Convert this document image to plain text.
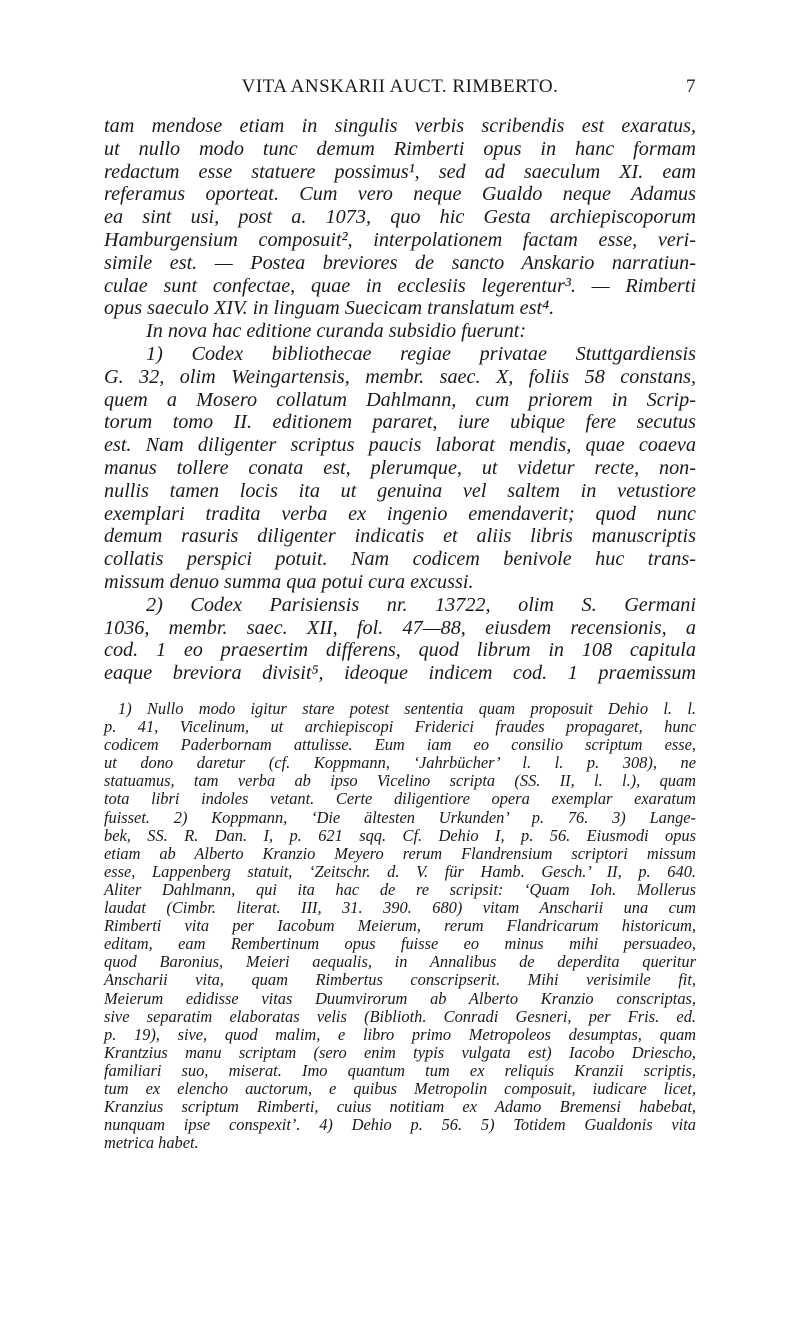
VITA ANSKARII AUCT. RIMBERTO.	7
tam mendose etiam in singulis verbis scribendis est exaratus,
ut nullo modo tunc demum Rimberti opus in hanc formam
redactum esse statuere possimus¹, sed ad saeculum XI. eam
referamus oporteat. Cum vero neque Gualdo neque Adamus
ea sint usi, post a. 1073, quo hic Gesta archiepiscoporum
Hamburgensium composuit², interpolationem factam esse, veri-
simile est. — Postea breviores de sancto Anskario narratiun-
culae sunt confectae, quae in ecclesiis legerentur³. — Rimberti
opus saeculo XIV. in linguam Suecicam translatum est⁴.
In nova hac editione curanda subsidio fuerunt:
1) Codex bibliothecae regiae privatae Stuttgardiensis
G. 32, olim Weingartensis, membr. saec. X, foliis 58 constans,
quem a Mosero collatum Dahlmann, cum priorem in Scrip-
torum tomo II. editionem pararet, iure ubique fere secutus
est. Nam diligenter scriptus paucis laborat mendis, quae coaeva
manus tollere conata est, plerumque, ut videtur recte, non-
nullis tamen locis ita ut genuina vel saltem in vetustiore
exemplari tradita verba ex ingenio emendaverit; quod nunc
demum rasuris diligenter indicatis et aliis libris manuscriptis
collatis perspici potuit. Nam codicem benivole huc trans-
missum denuo summa qua potui cura excussi.
2) Codex Parisiensis nr. 13722, olim S. Germani
1036, membr. saec. XII, fol. 47—88, eiusdem recensionis, a
cod. 1 eo praesertim differens, quod librum in 108 capitula
eaque breviora divisit⁵, ideoque indicem cod. 1 praemissum
1) Nullo modo igitur stare potest sententia quam proposuit Dehio l. l.
p. 41, Vicelinum, ut archiepiscopi Friderici fraudes propagaret, hunc
codicem Paderbornam attulisse. Eum iam eo consilio scriptum esse,
ut dono daretur (cf. Koppmann, ‘Jahrbücher’ l. l. p. 308), ne
statuamus, tam verba ab ipso Vicelino scripta (SS. II, l. l.), quam
tota libri indoles vetant. Certe diligentiore opera exemplar exaratum
fuisset. 2) Koppmann, ‘Die ältesten Urkunden’ p. 76. 3) Lange-
bek, SS. R. Dan. I, p. 621 sqq. Cf. Dehio I, p. 56. Eiusmodi opus
etiam ab Alberto Kranzio Meyero rerum Flandrensium scriptori missum
esse, Lappenberg statuit, ‘Zeitschr. d. V. für Hamb. Gesch.’ II, p. 640.
Aliter Dahlmann, qui ita hac de re scripsit: ‘Quam Ioh. Mollerus
laudat (Cimbr. literat. III, 31. 390. 680) vitam Anscharii una cum
Rimberti vita per Iacobum Meierum, rerum Flandricarum historicum,
editam, eam Rembertinum opus fuisse eo minus mihi persuadeo,
quod Baronius, Meieri aequalis, in Annalibus de deperdita queritur
Anscharii vita, quam Rimbertus conscripserit. Mihi verisimile fit,
Meierum edidisse vitas Duumvirorum ab Alberto Kranzio conscriptas,
sive separatim elaboratas velis (Biblioth. Conradi Gesneri, per Fris. ed.
p. 19), sive, quod malim, e libro primo Metropoleos desumptas, quam
Krantzius manu scriptam (sero enim typis vulgata est) Iacobo Drieschο,
familiari suo, miserat. Imo quantum tum ex reliquis Kranzii scriptis,
tum ex elencho auctorum, e quibus Metropolin composuit, iudicare licet,
Kranzius scriptum Rimberti, cuius notitiam ex Adamo Bremensi habebat,
nunquam ipse conspexit’. 4) Dehio p. 56. 5) Totidem Gualdonis vita
metrica habet.
